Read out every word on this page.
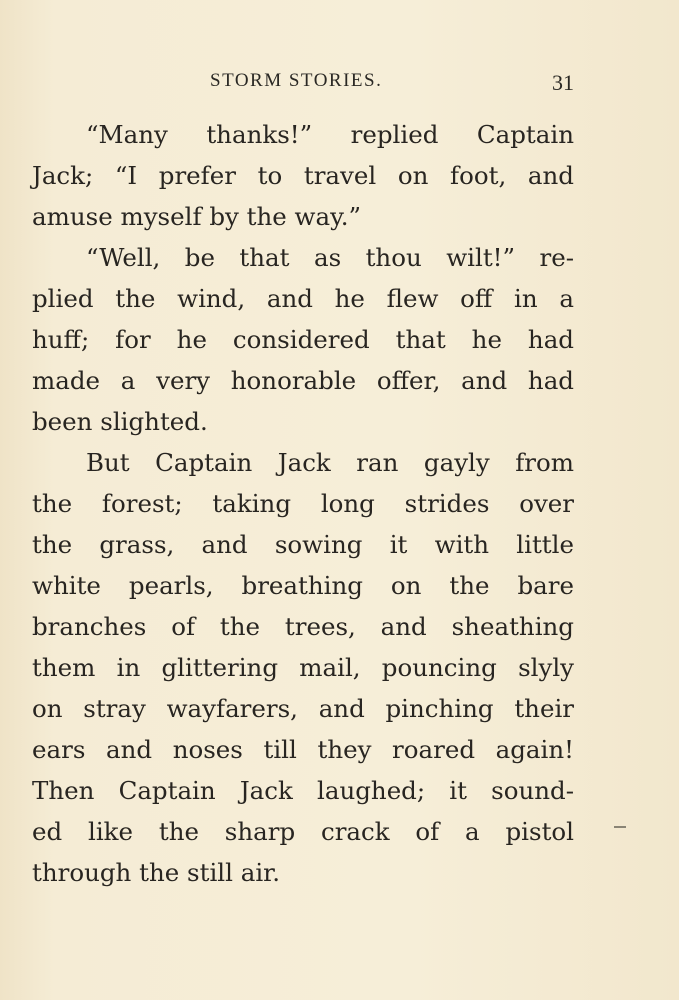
STORM STORIES.	31
“Many thanks!” replied Captain
Jack; “I prefer to travel on foot, and
amuse myself by the way.”
“Well, be that as thou wilt!” re-
plied the wind, and he flew off in a
huff; for he considered that he had
made a very honorable offer, and had
been slighted.
But Captain Jack ran gayly from
the forest; taking long strides over
the grass, and sowing it with little
white pearls, breathing on the bare
branches of the trees, and sheathing
them in glittering mail, pouncing slyly
on stray wayfarers, and pinching their
ears and noses till they roared again!
Then Captain Jack laughed; it sound-
ed like the sharp crack of a pistol
through the still air.
